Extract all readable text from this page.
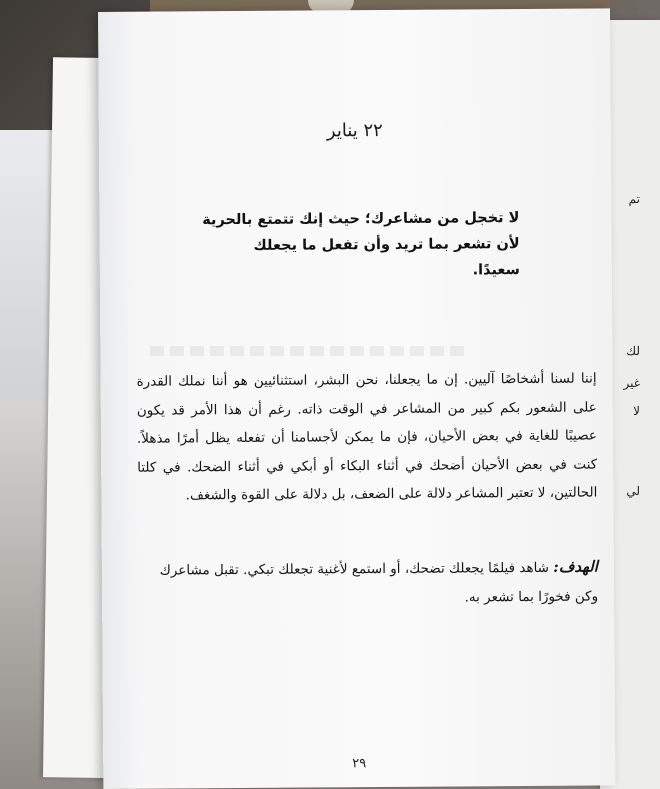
تم
لك
غير
لا
لي
٢٢ يناير
لا تخجل من مشاعرك؛ حيث إنك تتمتع بالحرية
لأن تشعر بما تريد وأن تفعل ما يجعلك
سعيدًا.
إننا لسنا أشخاصًا آليين. إن ما يجعلنا، نحن البشر، استثنائيين هو أننا نملك القدرة على الشعور بكم كبير من المشاعر في الوقت ذاته. رغم أن هذا الأمر قد يكون عصيبًا للغاية في بعض الأحيان، فإن ما يمكن لأجسامنا أن تفعله يظل أمرًا مذهلاً. كنت في بعض الأحيان أضحك في أثناء البكاء أو أبكي في أثناء الضحك. في كلتا الحالتين، لا تعتبر المشاعر دلالة على الضعف، بل دلالة على القوة والشغف.
الهدف: شاهد فيلمًا يجعلك تضحك، أو استمع لأغنية تجعلك تبكي. تقبل مشاعرك وكن فخورًا بما تشعر به.
٢٩
